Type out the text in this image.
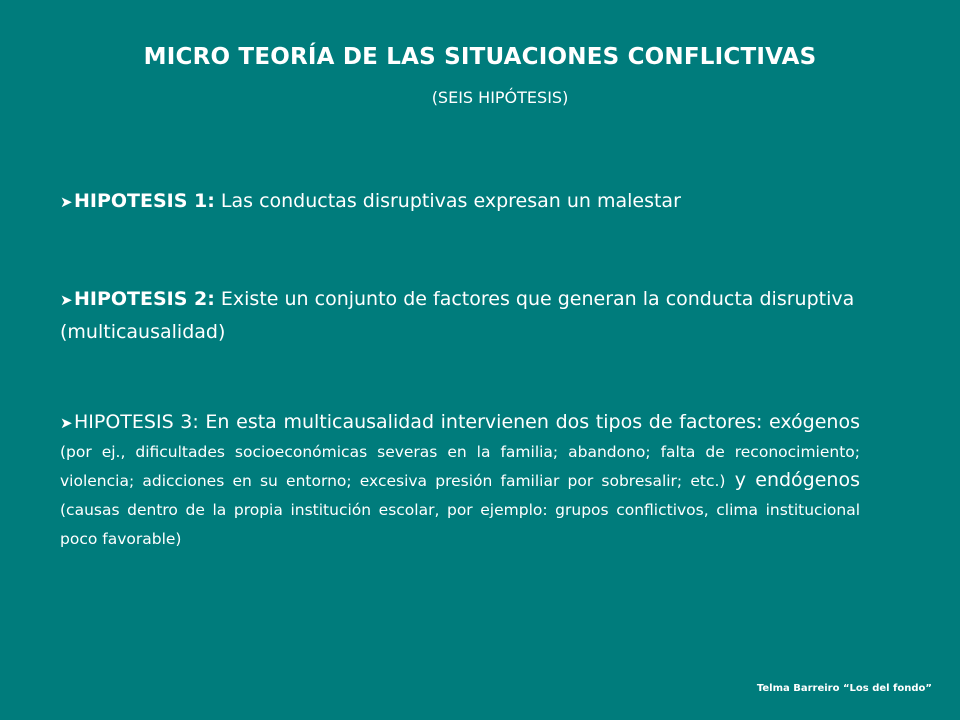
MICRO TEORÍA DE LAS SITUACIONES CONFLICTIVAS
(SEIS HIPÓTESIS)

➤HIPOTESIS 1: Las conductas disruptivas expresan un malestar

➤HIPOTESIS 2: Existe un conjunto de factores que generan la conducta disruptiva (multicausalidad)

➤HIPOTESIS 3: En esta multicausalidad intervienen dos tipos de factores: exógenos (por ej., dificultades socioeconómicas severas en la familia; abandono; falta de reconocimiento; violencia; adicciones en su entorno; excesiva presión familiar por sobresalir; etc.) y endógenos (causas dentro de la propia institución escolar, por ejemplo: grupos conflictivos, clima institucional poco favorable)

Telma Barreiro “Los del fondo”
